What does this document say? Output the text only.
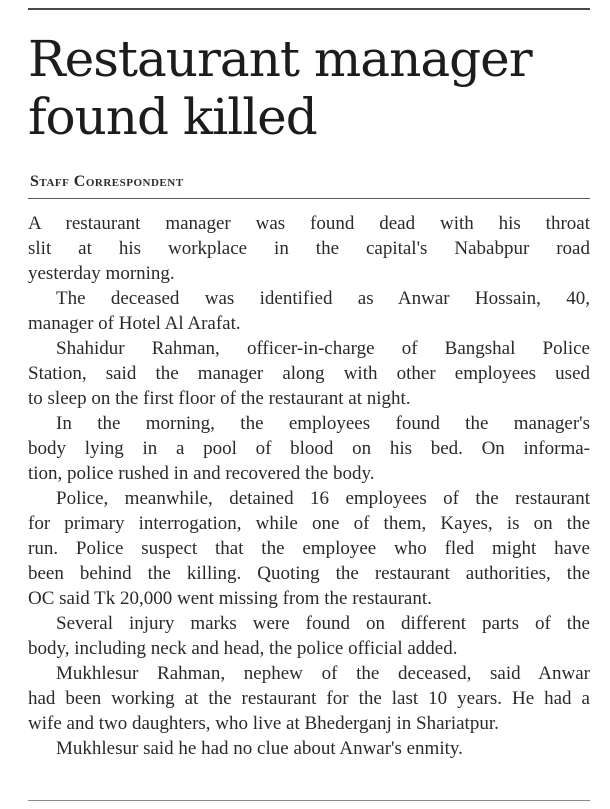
Restaurant manager
found killed
Staff Correspondent
A restaurant manager was found dead with his throat
slit at his workplace in the capital's Nababpur road
yesterday morning.
The deceased was identified as Anwar Hossain, 40,
manager of Hotel Al Arafat.
Shahidur Rahman, officer-in-charge of Bangshal Police
Station, said the manager along with other employees used
to sleep on the first floor of the restaurant at night.
In the morning, the employees found the manager's
body lying in a pool of blood on his bed. On informa-
tion, police rushed in and recovered the body.
Police, meanwhile, detained 16 employees of the restaurant
for primary interrogation, while one of them, Kayes, is on the
run. Police suspect that the employee who fled might have
been behind the killing. Quoting the restaurant authorities, the
OC said Tk 20,000 went missing from the restaurant.
Several injury marks were found on different parts of the
body, including neck and head, the police official added.
Mukhlesur Rahman, nephew of the deceased, said Anwar
had been working at the restaurant for the last 10 years. He had a
wife and two daughters, who live at Bhederganj in Shariatpur.
Mukhlesur said he had no clue about Anwar's enmity.
